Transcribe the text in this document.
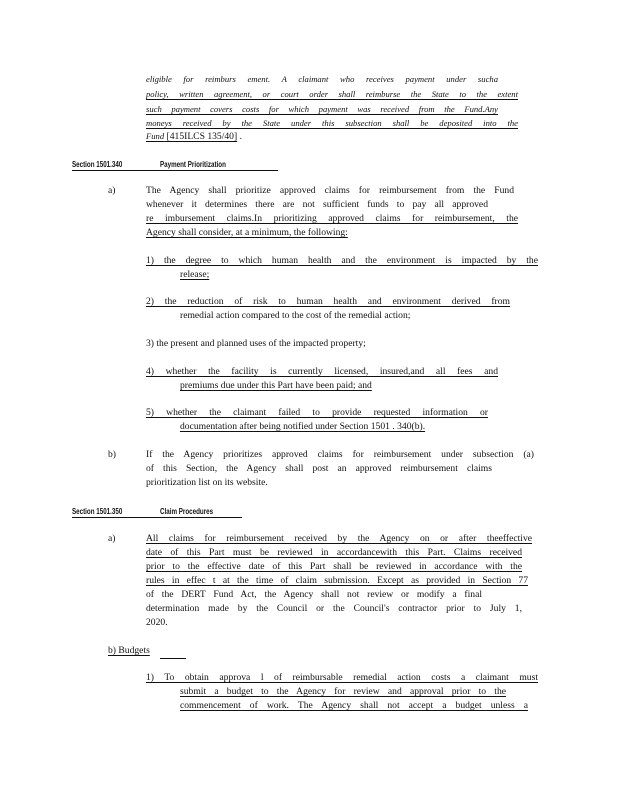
eligible for reimburs ement. A claimant who receives payment under sucha
policy, written agreement, or court order shall reimburse the State to the extent
such payment covers costs for which payment was received from the Fund.Any
moneys received by the State under this subsection shall be deposited into the
Fund [415ILCS 135/40] .
Section 1501.340	Payment Prioritization
a)	The Agency shall prioritize approved claims for reimbursement from the Fund
whenever it determines there are not sufficient funds to pay all approved
re imbursement claims.In prioritizing approved claims for reimbursement, the
Agency shall consider, at a minimum, the following:
1) the degree to which human health and the environment is impacted by the
release;
2) the reduction of risk to human health and environment derived from
remedial action compared to the cost of the remedial action;
3) the present and planned uses of the impacted property;
4) whether the facility is currently licensed, insured,and all fees and
premiums due under this Part have been paid; and
5) whether the claimant failed to provide requested information or
documentation after being notified under Section 1501 . 340(b).
b)	If the Agency prioritizes approved claims for reimbursement under subsection (a)
of this Section, the Agency shall post an approved reimbursement claims
prioritization list on its website.
Section 1501.350	Claim Procedures
a)	All claims for reimbursement received by the Agency on or after theeffective
date of this Part must be reviewed in accordancewith this Part. Claims received
prior to the effective date of this Part shall be reviewed in accordance with the
rules in effec t at the time of claim submission. Except as provided in Section 77
of the DERT Fund Act, the Agency shall not review or modify a final
determination made by the Council or the Council's contractor prior to July 1,
2020.
b) Budgets
1) To obtain approva l of reimbursable remedial action costs a claimant must
submit a budget to the Agency for review and approval prior to the
commencement of work. The Agency shall not accept a budget unless a
